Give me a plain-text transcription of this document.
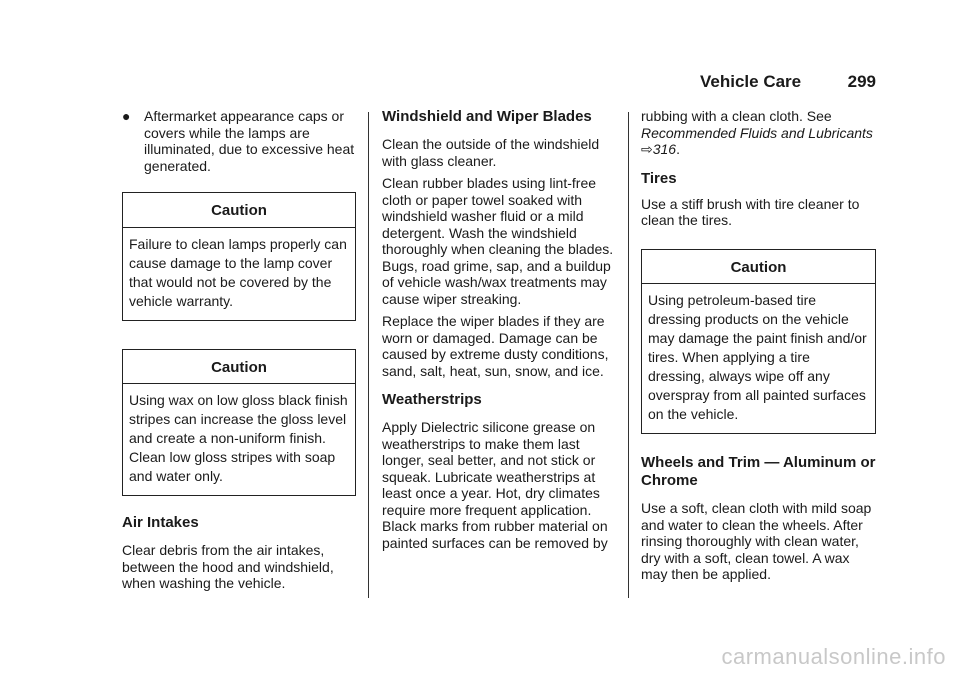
Vehicle Care	299
● Aftermarket appearance caps or covers while the lamps are illuminated, due to excessive heat generated.
Caution
Failure to clean lamps properly can cause damage to the lamp cover that would not be covered by the vehicle warranty.
Caution
Using wax on low gloss black finish stripes can increase the gloss level and create a non-uniform finish. Clean low gloss stripes with soap and water only.
Air Intakes

Clear debris from the air intakes, between the hood and windshield, when washing the vehicle.

Windshield and Wiper Blades

Clean the outside of the windshield with glass cleaner.

Clean rubber blades using lint-free cloth or paper towel soaked with windshield washer fluid or a mild detergent. Wash the windshield thoroughly when cleaning the blades. Bugs, road grime, sap, and a buildup of vehicle wash/wax treatments may cause wiper streaking.

Replace the wiper blades if they are worn or damaged. Damage can be caused by extreme dusty conditions, sand, salt, heat, sun, snow, and ice.

Weatherstrips

Apply Dielectric silicone grease on weatherstrips to make them last longer, seal better, and not stick or squeak. Lubricate weatherstrips at least once a year. Hot, dry climates require more frequent application. Black marks from rubber material on painted surfaces can be removed by

rubbing with a clean cloth. See Recommended Fluids and Lubricants ⇨316.

Tires

Use a stiff brush with tire cleaner to clean the tires.

Caution
Using petroleum-based tire dressing products on the vehicle may damage the paint finish and/or tires. When applying a tire dressing, always wipe off any overspray from all painted surfaces on the vehicle.
Wheels and Trim — Aluminum or Chrome

Use a soft, clean cloth with mild soap and water to clean the wheels. After rinsing thoroughly with clean water, dry with a soft, clean towel. A wax may then be applied.

carmanualsonline.info
